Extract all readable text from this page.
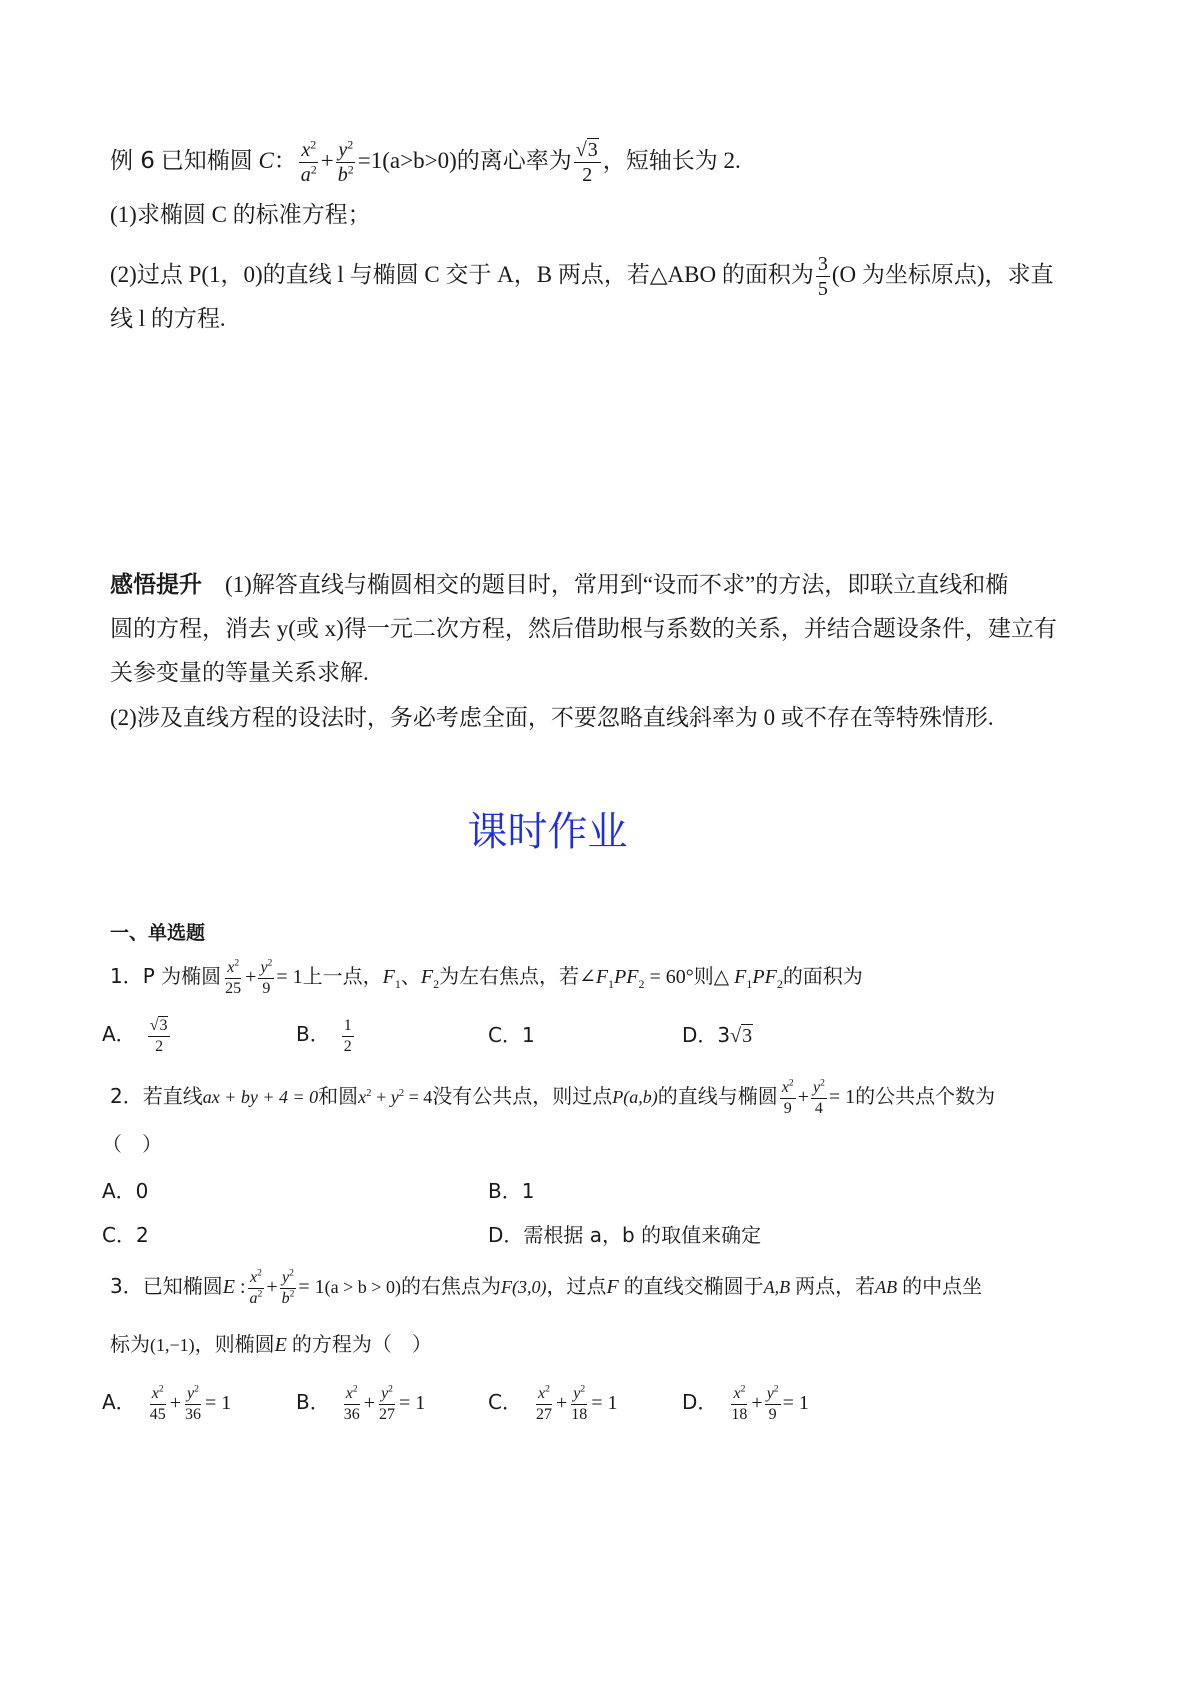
例 6 已知椭圆 C： $\frac{x^2}{a^2} + \frac{y^2}{b^2} =1(a>b>0)$的离心率为 $\frac{√3}{2}$ ，短轴长为 2.
(1)求椭圆 C 的标准方程；
(2)过点 P(1，0)的直线 l 与椭圆 C 交于 A，B 两点，若△ABO 的面积为 $\frac{3}{5} (O$ 为坐标原点)，求直
线 l 的方程.
感悟提升　 (1)解答直线与椭圆相交的题目时，常用到“设而不求”的方法，即联立直线和椭
圆的方程，消去 y(或 x)得一元二次方程，然后借助根与系数的关系，并结合题设条件，建立有
关参变量的等量关系求解.
(2)涉及直线方程的设法时，务必考虑全面，不要忽略直线斜率为 0 或不存在等特殊情形.
课时作业
一、单选题
1．P 为椭圆 $\frac{x^2}{25} + \frac{y^2}{9} = 1$上一点，$F_1$、$F_2$为左右焦点，若$\angle F_1PF_2 = 60^\circ$则△ $F_1PF_2$的面积为
A． $\frac{√3}{2}$	B． $\frac{1}{2}$	C．1	D．3√3
2．若直线ax + by + 4 = 0和圆$x^2 + y^2 = 4$没有公共点，则过点P(a,b)的直线与椭圆 $\frac{x^2}{9} + \frac{y^2}{4} = 1$的公共点个数为
（　）
A．0	B．1
C．2	D．需根据 a，b 的取值来确定
3．已知椭圆E : $\frac{x^2}{a^2} + \frac{y^2}{b^2} = 1(a > b > 0)$的右焦点为F(3,0)，过点F 的直线交椭圆于A,B 两点，若AB 的中点坐
标为(1,−1)，则椭圆E 的方程为（　）
A． $\frac{x^2}{45} + \frac{y^2}{36} = 1$	B． $\frac{x^2}{36} + \frac{y^2}{27} = 1$	C． $\frac{x^2}{27} + \frac{y^2}{18} = 1$	D． $\frac{x^2}{18} + \frac{y^2}{9} = 1$
